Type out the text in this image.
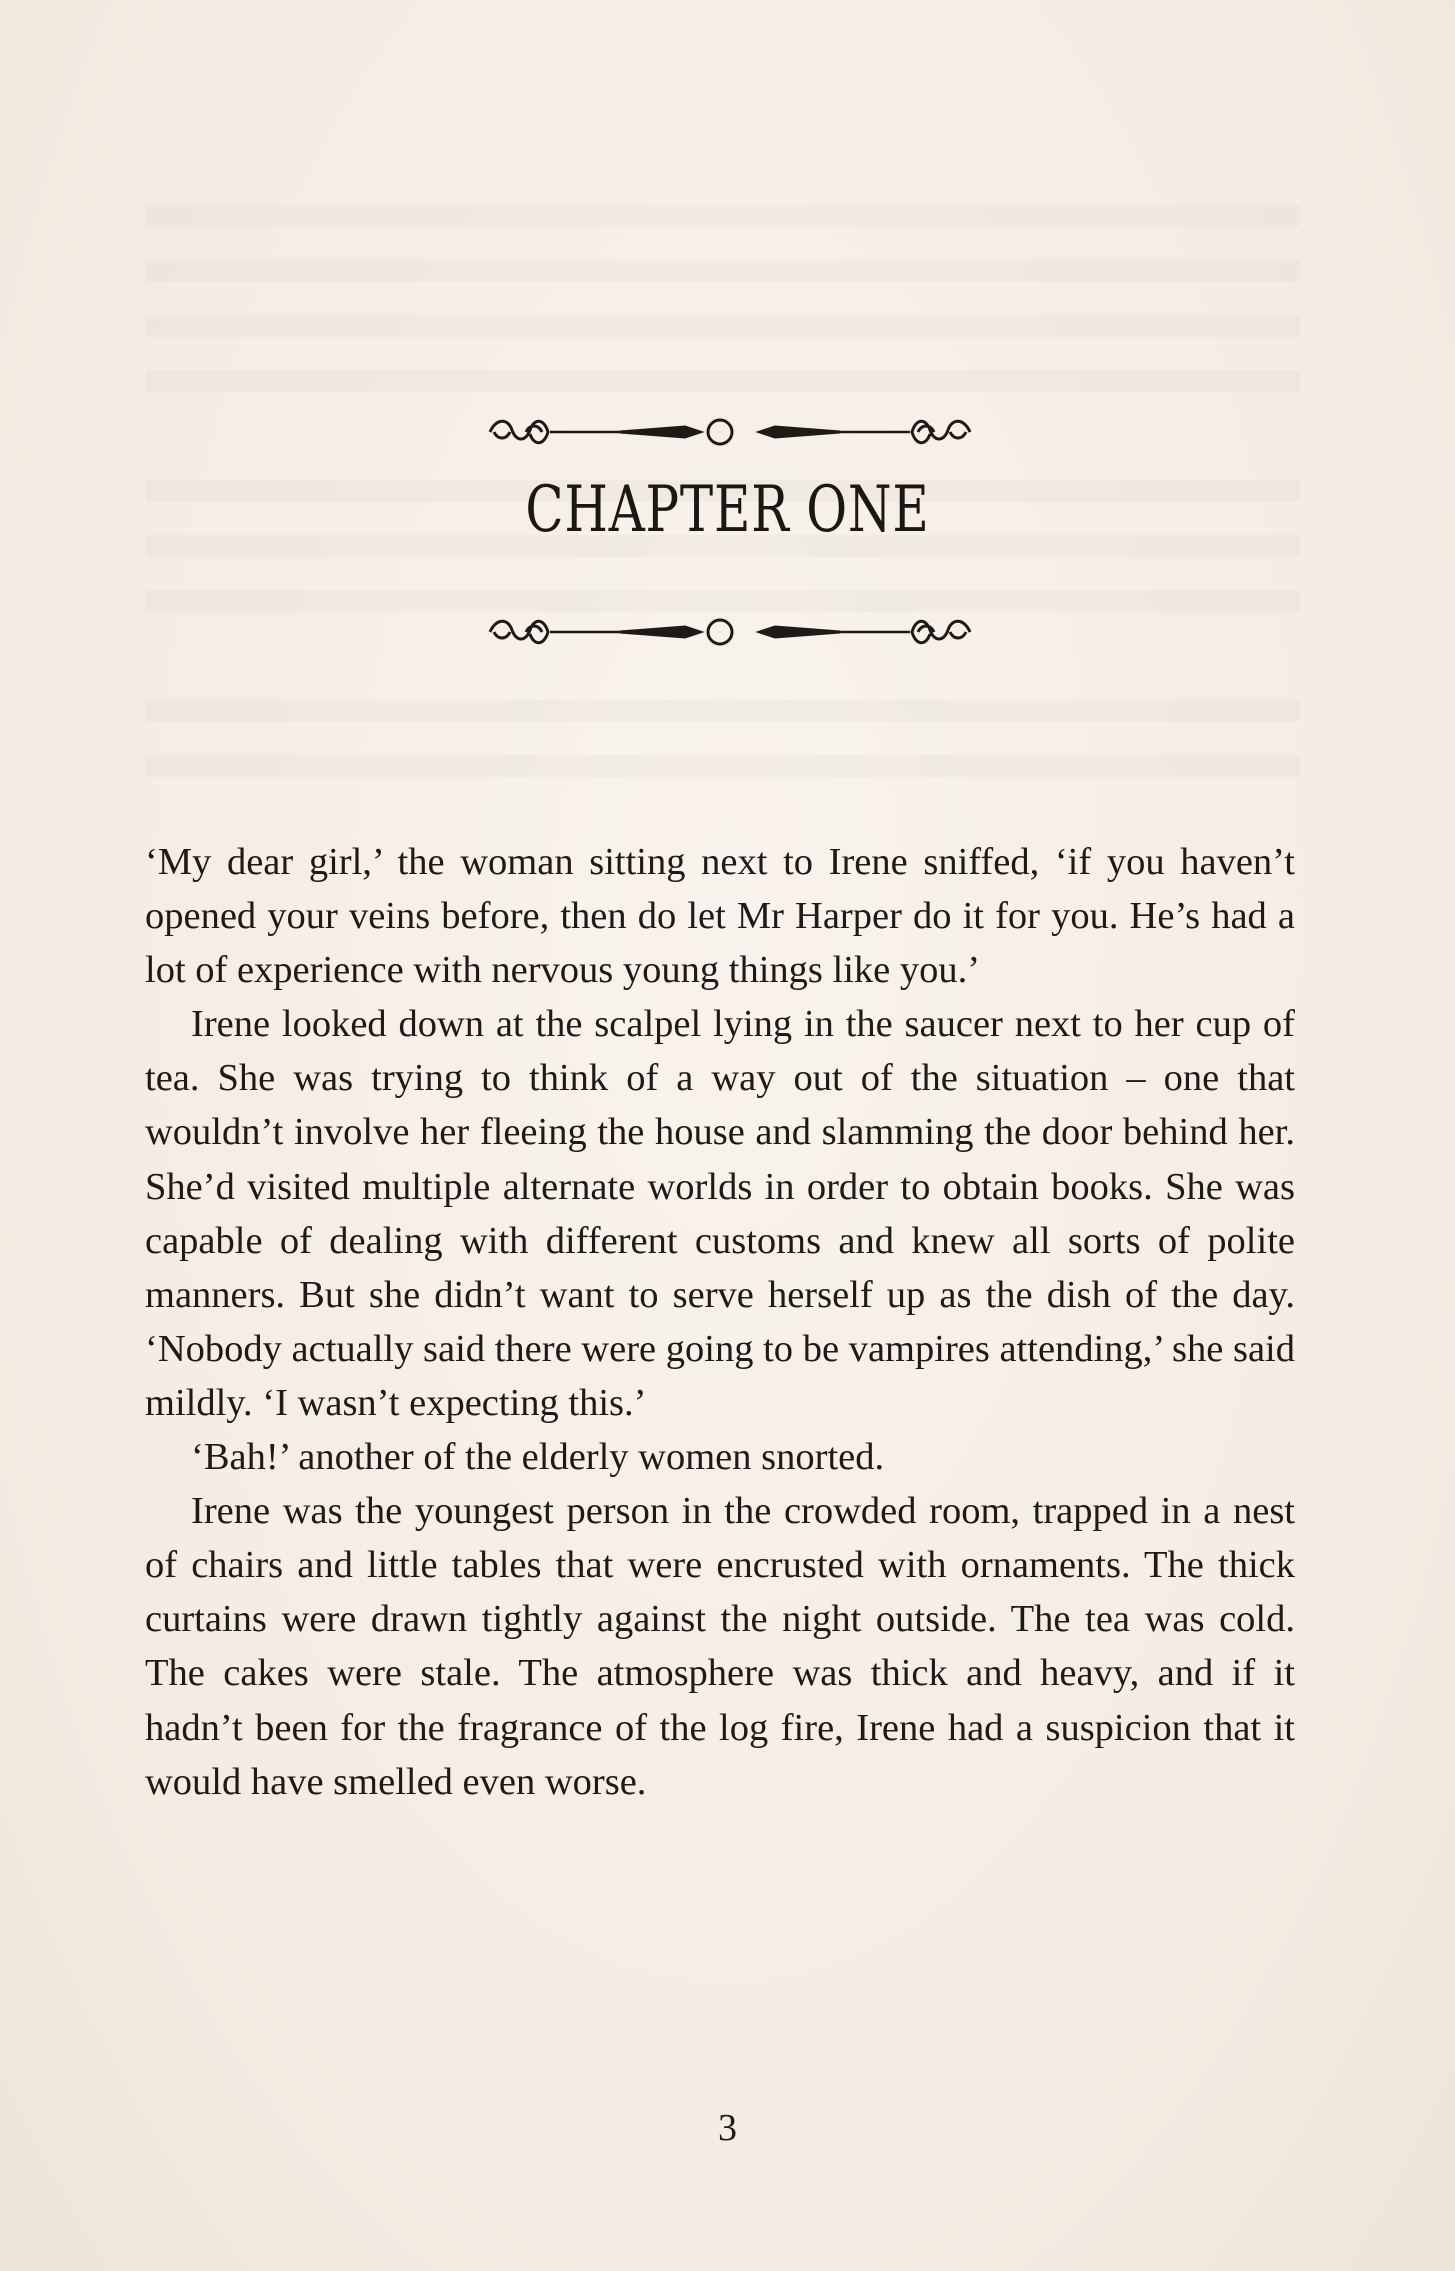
CHAPTER ONE

‘My dear girl,’ the woman sitting next to Irene sniffed, ‘if you haven’t opened your veins before, then do let Mr Harper do it for you. He’s had a lot of experience with nervous young things like you.’

Irene looked down at the scalpel lying in the saucer next to her cup of tea. She was trying to think of a way out of the situation – one that wouldn’t involve her fleeing the house and slamming the door behind her. She’d visited multiple alternate worlds in order to obtain books. She was capable of dealing with different customs and knew all sorts of polite manners. But she didn’t want to serve herself up as the dish of the day. ‘Nobody actually said there were going to be vampires attending,’ she said mildly. ‘I wasn’t expecting this.’

‘Bah!’ another of the elderly women snorted.

Irene was the youngest person in the crowded room, trapped in a nest of chairs and little tables that were encrusted with ornaments. The thick curtains were drawn tightly against the night outside. The tea was cold. The cakes were stale. The atmosphere was thick and heavy, and if it hadn’t been for the fragrance of the log fire, Irene had a suspicion that it would have smelled even worse.

3
